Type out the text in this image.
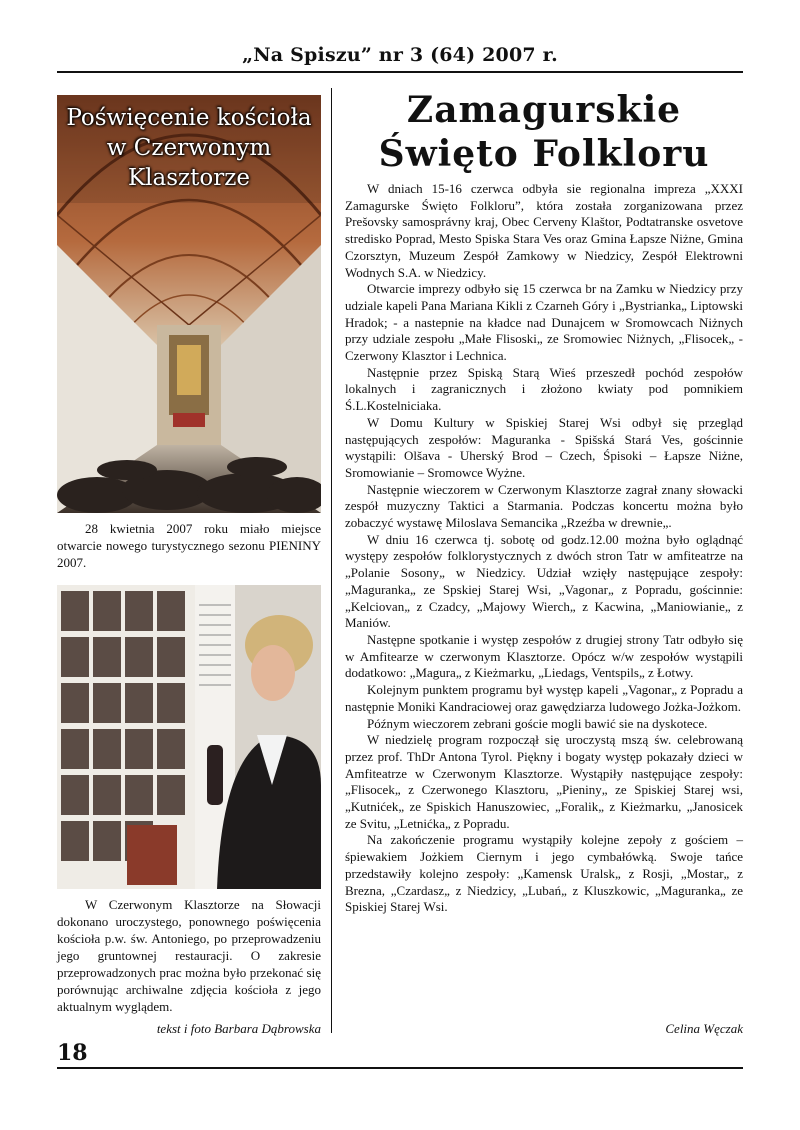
„Na Spiszu” nr 3 (64) 2007 r.
Poświęcenie kościoła
w Czerwonym
Klasztorze
28 kwietnia 2007 roku miało miejsce otwarcie nowego turystycznego sezonu PIENINY 2007.

W Czerwonym Klasztorze na Słowacji dokonano uroczystego, ponownego poświęcenia kościoła p.w. św. Antoniego, po przeprowadzeniu jego gruntownej restauracji. O zakresie przeprowadzonych prac można było przekonać się porównując archiwalne zdjęcia kościoła z jego aktualnym wyglądem.

tekst i foto Barbara Dąbrowska
Zamagurskie
Święto Folkloru

W dniach 15-16 czerwca odbyła sie regionalna impreza „XXXI Zamagurske Święto Folkloru”, która została zorganizowana przez Prešovsky samosprávny kraj, Obec Cerveny Klaštor, Podtatranske osvetove stredisko Poprad, Mesto Spiska Stara Ves oraz Gmina Łapsze Niżne, Gmina Czorsztyn, Muzeum Zespół Zamkowy w Niedzicy, Zespół Elektrowni Wodnych S.A. w Niedzicy.

Otwarcie imprezy odbyło się 15 czerwca br na Zamku w Niedzicy przy udziale kapeli Pana Mariana Kikli z Czarneh Góry i „Bystrianka„ Liptowski Hradok; - a nastepnie na kładce nad Dunajcem w Sromowcach Niżnych przy udziale zespołu „Małe Flisoski„ ze Sromowiec Niżnych, „Flisocek„ - Czerwony Klasztor i Lechnica.

Następnie przez Spiską Starą Wieś przeszedł pochód zespołów lokalnych i zagranicznych i złożono kwiaty pod pomnikiem Ś.L.Kostelniciaka.

W Domu Kultury w Spiskiej Starej Wsi odbył się przegląd następujących zespołów: Maguranka - Spišská Stará Ves, gościnnie wystąpili: Olšava - Uherský Brod – Czech, Śpisoki – Łapsze Niżne, Sromowianie – Sromowce Wyżne.

Następnie wieczorem w Czerwonym Klasztorze zagrał znany słowacki zespół muzyczny Taktici a Starmania. Podczas koncertu można było zobaczyć wystawę Miloslava Semancika „Rzeźba w drewnie„.

W dniu 16 czerwca tj. sobotę od godz.12.00 można było oglądnąć występy zespołów folklorystycznych z dwóch stron Tatr w amfiteatrze na „Polanie Sosony„ w Niedzicy. Udział wzięły następujące zespoły: „Maguranka„ ze Spskiej Starej Wsi, „Vagonar„ z Popradu, gościnnie: „Kelciovan„ z Czadcy, „Majowy Wierch„ z Kacwina, „Maniowianie„ z Maniów.

Następne spotkanie i występ zespołów z drugiej strony Tatr odbyło się w Amfitearze w czerwonym Klasztorze. Opócz w/w zespołów wystąpili dodatkowo: „Magura„ z Kieżmarku, „Liedags, Ventspils„ z Łotwy.

Kolejnym punktem programu był występ kapeli „Vagonar„ z Popradu a następnie Moniki Kandraciowej oraz gawędziarza ludowego Jożka-Jożkom.

Późnym wieczorem zebrani goście mogli bawić sie na dyskotece.

W niedzielę program rozpoczął się uroczystą mszą św. celebrowaną przez prof. ThDr Antona Tyrol. Piękny i bogaty występ pokazały dzieci w Amfiteatrze w Czerwonym Klasztorze. Wystąpiły następujące zespoły: „Flisocek„ z Czerwonego Klasztoru, „Pieniny„ ze Spiskiej Starej wsi, „Kutnićek„ ze Spiskich Hanuszowiec, „Foralik„ z Kieżmarku, „Janosicek ze Svitu, „Letnićka„ z Popradu.

Na zakończenie programu wystąpiły kolejne zepoły z gościem – śpiewakiem Jożkiem Ciernym i jego cymbałówką. Swoje tańce przedstawiły kolejno zespoły: „Kamensk Uralsk„ z Rosji, „Mostar„ z Brezna, „Czardasz„ z Niedzicy, „Lubań„ z Kluszkowic, „Maguranka„ ze Spiskiej Starej Wsi.

Celina Węczak
18
